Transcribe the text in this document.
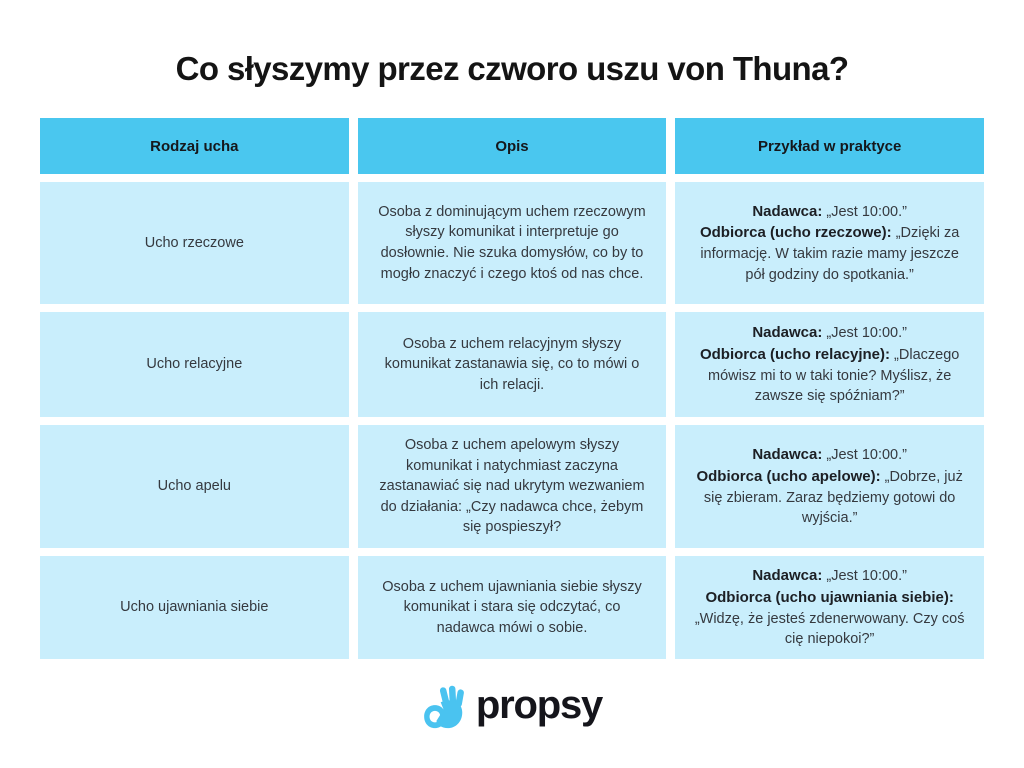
Co słyszymy przez czworo uszu von Thuna?
Rodzaj ucha	Opis	Przykład w praktyce

Ucho rzeczowe

Osoba z dominującym uchem rzeczowym słyszy komunikat i interpretuje go dosłownie. Nie szuka domysłów, co by to mogło znaczyć i czego ktoś od nas chce.

Nadawca: „Jest 10:00.”
Odbiorca (ucho rzeczowe): „Dzięki za informację. W takim razie mamy jeszcze pół godziny do spotkania.”

Ucho relacyjne

Osoba z uchem relacyjnym słyszy komunikat zastanawia się, co to mówi o ich relacji.

Nadawca: „Jest 10:00.”
Odbiorca (ucho relacyjne): „Dlaczego mówisz mi to w taki tonie? Myślisz, że zawsze się spóźniam?”

Ucho apelu

Osoba z uchem apelowym słyszy komunikat i natychmiast zaczyna zastanawiać się nad ukrytym wezwaniem do działania: „Czy nadawca chce, żebym się pospieszył?

Nadawca: „Jest 10:00.”
Odbiorca (ucho apelowe): „Dobrze, już się zbieram. Zaraz będziemy gotowi do wyjścia.”

Ucho ujawniania siebie

Osoba z uchem ujawniania siebie słyszy komunikat i stara się odczytać, co nadawca mówi o sobie.

Nadawca: „Jest 10:00.”
Odbiorca (ucho ujawniania siebie): „Widzę, że jesteś zdenerwowany. Czy coś cię niepokoi?”

propsy
